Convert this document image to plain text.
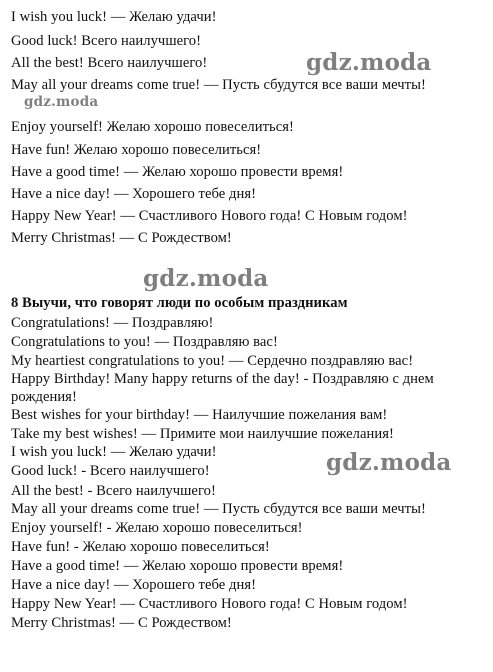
I wish you luck! — Желаю удачи!
Good luck! Всего наилучшего!
All the best! Всего наилучшего!
May all your dreams come true! — Пусть сбудутся все ваши мечты!
gdz.moda
Enjoy yourself! Желаю хорошо повеселиться!
Have fun! Желаю хорошо повеселиться!
Have a good time! — Желаю хорошо провести время!
Have a nice day! — Хорошего тебе дня!
Happy New Year! — Счастливого Нового года! С Новым годом!
Merry Christmas! — С Рождеством!
gdz.moda
gdz.moda
8 Выучи, что говорят люди по особым праздникам
Congratulations! — Поздравляю!
Congratulations to you! — Поздравляю вас!
My heartiest congratulations to you! — Сердечно поздравляю вас!
Happy Birthday! Many happy returns of the day! - Поздравляю с днем
рождения!
Best wishes for your birthday! — Наилучшие пожелания вам!
Take my best wishes! — Примите мои наилучшие пожелания!
I wish you luck! — Желаю удачи!
Good luck! - Всего наилучшего!
All the best! - Всего наилучшего!
May all your dreams come true! — Пусть сбудутся все ваши мечты!
Enjoy yourself! - Желаю хорошо повеселиться!
Have fun! - Желаю хорошо повеселиться!
Have a good time! — Желаю хорошо провести время!
Have a nice day! — Хорошего тебе дня!
Happy New Year! — Счастливого Нового года! С Новым годом!
Merry Christmas! — С Рождеством!
gdz.moda
